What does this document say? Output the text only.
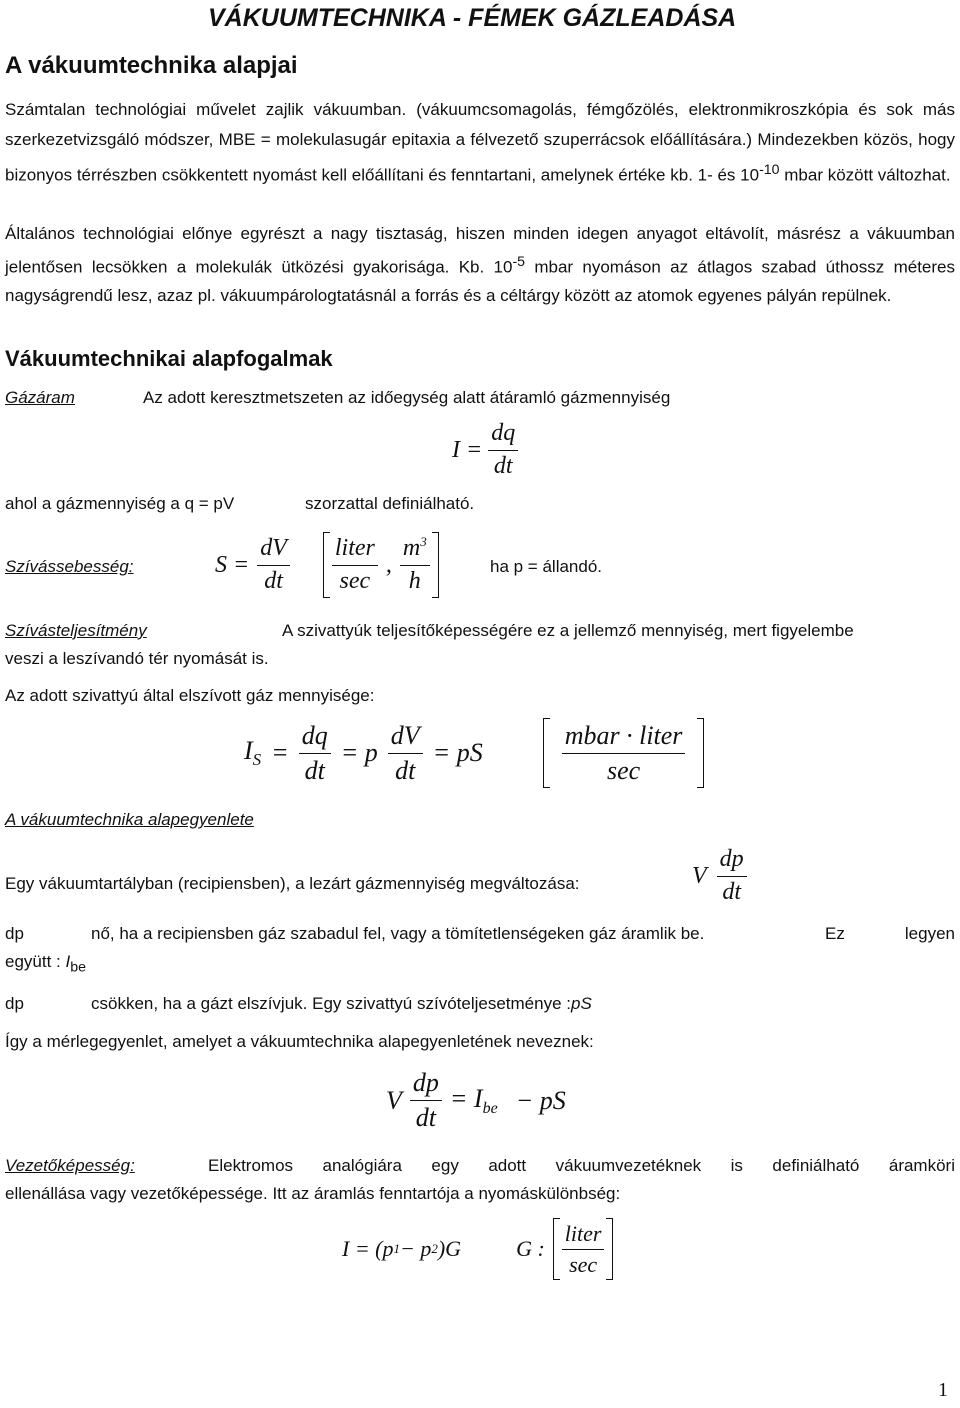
VÁKUUMTECHNIKA - FÉMEK GÁZLEADÁSA
A vákuumtechnika alapjai
Számtalan technológiai művelet zajlik vákuumban. (vákuumcsomagolás, fémgőzölés, elektronmikroszkópia és sok más szerkezetvizsgáló módszer, MBE = molekulasugár epitaxia a félvezető szuperrácsok előállítására.) Mindezekben közös, hogy bizonyos térrészben csökkentett nyomást kell előállítani és fenntartani, amelynek értéke kb. 1- és $10^{-10}$ mbar között változhat.
Általános technológiai előnye egyrészt a nagy tisztaság, hiszen minden idegen anyagot eltávolít, másrész a vákuumban jelentősen lecsökken a molekulák ütközési gyakorisága. Kb. $10^{-5}$ mbar nyomáson az átlagos szabad úthossz méteres nagyságrendű lesz, azaz pl. vákuumpárologtatásnál a forrás és a céltárgy között az atomok egyenes pályán repülnek.
Vákuumtechnikai alapfogalmak
Gázáram	Az adott keresztmetszeten az időegység alatt átáramló gázmennyiség
$I = \frac{dq}{dt}$
ahol a gázmennyiség a q = pV	szorzattal definiálható.
Szívássebesség:	$S = \frac{dV}{dt} \frac{\text{liter}}{\sec}$ , $\frac{m^3}{h}$	ha p = állandó.
Szívásteljesítmény	A szivattyúk teljesítőképességére ez a jellemző mennyiség, mert figyelembe
veszi a leszívandó tér nyomását is.
Az adott szivattyú által elszívott gáz mennyisége:
$I_S = \frac{dq}{dt} = p \frac{dV}{dt}$ = pS	$\frac{\text{mbar · liter}}{\sec}$
A vákuumtechnika alapegyenlete
Egy vákuumtartályban (recipiensben), a lezárt gázmennyiség megváltozása:	V $\frac{dp}{dt}$
dp	nő, ha a recipiensben gáz szabadul fel, vagy a tömítetlenségeken gáz áramlik be.	Ez	legyen
együtt : $I_{be}$
dp	csökken, ha a gázt elszívjuk. Egy szivattyú szívóteljesetménye : pS
Így a mérlegegyenlet, amelyet a vákuumtechnika alapegyenletének neveznek:
V $\frac{dp}{dt} = I_{be}$ − pS
Vezetőképesség:	Elektromos analógiára egy adott vákuumvezetéknek is definiálható áramköri
ellenállása vagy vezetőképessége. Itt az áramlás fenntartója a nyomáskülönbség:
I = (p 1 − p 2 )G	G : $\frac{\text{liter}}{\sec}$
1
